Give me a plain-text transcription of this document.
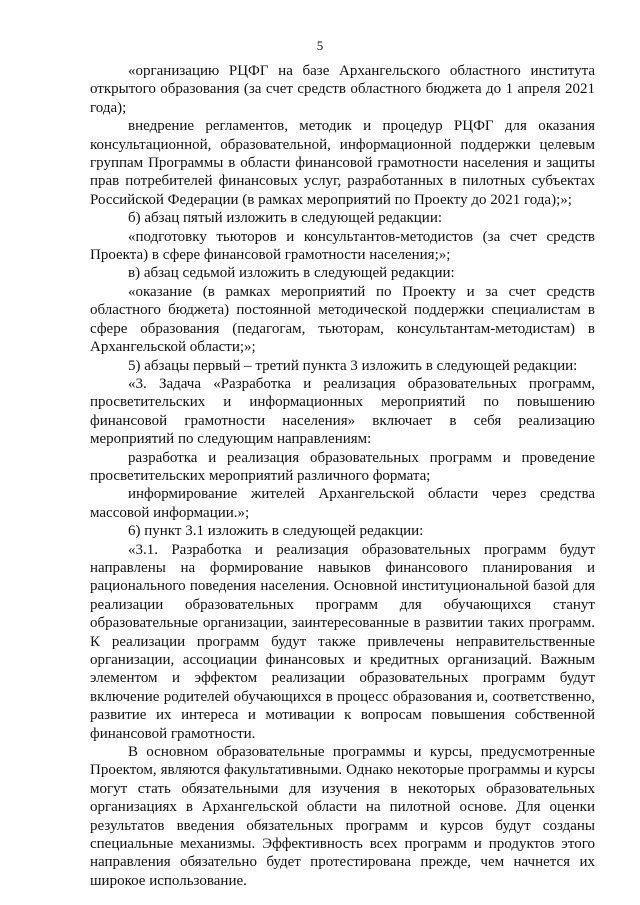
5

«организацию РЦФГ на базе Архангельского областного института открытого образования (за счет средств областного бюджета до 1 апреля 2021 года);

внедрение регламентов, методик и процедур РЦФГ для оказания консультационной, образовательной, информационной поддержки целевым группам Программы в области финансовой грамотности населения и защиты прав потребителей финансовых услуг, разработанных в пилотных субъектах Российской Федерации (в рамках мероприятий по Проекту до 2021 года);»;

б) абзац пятый изложить в следующей редакции:

«подготовку тьюторов и консультантов-методистов (за счет средств Проекта) в сфере финансовой грамотности населения;»;

в) абзац седьмой изложить в следующей редакции:

«оказание (в рамках мероприятий по Проекту и за счет средств областного бюджета) постоянной методической поддержки специалистам в сфере образования (педагогам, тьюторам, консультантам-методистам) в Архангельской области;»;

5) абзацы первый – третий пункта 3 изложить в следующей редакции:

«3. Задача «Разработка и реализация образовательных программ, просветительских и информационных мероприятий по повышению финансовой грамотности населения» включает в себя реализацию мероприятий по следующим направлениям:

разработка и реализация образовательных программ и проведение просветительских мероприятий различного формата;

информирование жителей Архангельской области через средства массовой информации.»;

6) пункт 3.1 изложить в следующей редакции:

«3.1. Разработка и реализация образовательных программ будут направлены на формирование навыков финансового планирования и рационального поведения населения. Основной институциональной базой для реализации образовательных программ для обучающихся станут образовательные организации, заинтересованные в развитии таких программ. К реализации программ будут также привлечены неправительственные организации, ассоциации финансовых и кредитных организаций. Важным элементом и эффектом реализации образовательных программ будут включение родителей обучающихся в процесс образования и, соответственно, развитие их интереса и мотивации к вопросам повышения собственной финансовой грамотности.

В основном образовательные программы и курсы, предусмотренные Проектом, являются факультативными. Однако некоторые программы и курсы могут стать обязательными для изучения в некоторых образовательных организациях в Архангельской области на пилотной основе. Для оценки результатов введения обязательных программ и курсов будут созданы специальные механизмы. Эффективность всех программ и продуктов этого направления обязательно будет протестирована прежде, чем начнется их широкое использование.
